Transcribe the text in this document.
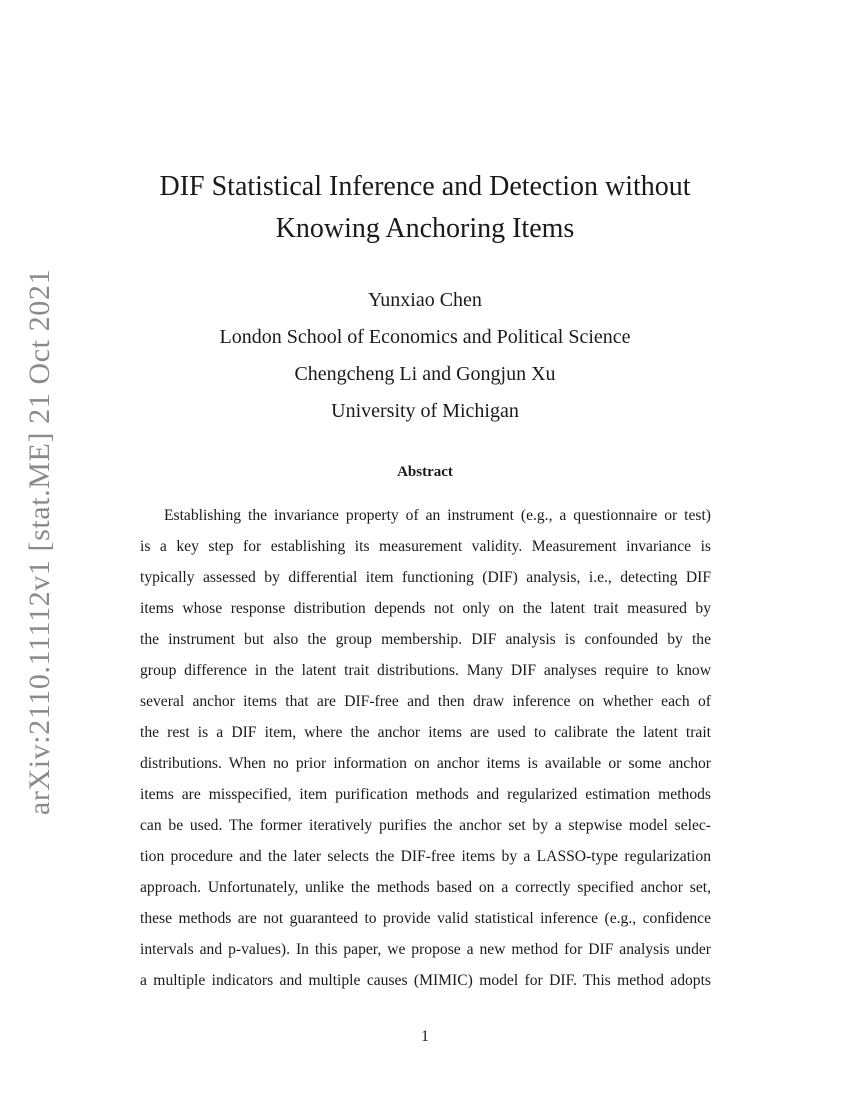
arXiv:2110.11112v1 [stat.ME] 21 Oct 2021
DIF Statistical Inference and Detection without
Knowing Anchoring Items
Yunxiao Chen
London School of Economics and Political Science
Chengcheng Li and Gongjun Xu
University of Michigan
Abstract
Establishing the invariance property of an instrument (e.g., a questionnaire or test)
is a key step for establishing its measurement validity. Measurement invariance is
typically assessed by differential item functioning (DIF) analysis, i.e., detecting DIF
items whose response distribution depends not only on the latent trait measured by
the instrument but also the group membership. DIF analysis is confounded by the
group difference in the latent trait distributions. Many DIF analyses require to know
several anchor items that are DIF-free and then draw inference on whether each of
the rest is a DIF item, where the anchor items are used to calibrate the latent trait
distributions. When no prior information on anchor items is available or some anchor
items are misspecified, item purification methods and regularized estimation methods
can be used. The former iteratively purifies the anchor set by a stepwise model selec-
tion procedure and the later selects the DIF-free items by a LASSO-type regularization
approach. Unfortunately, unlike the methods based on a correctly specified anchor set,
these methods are not guaranteed to provide valid statistical inference (e.g., confidence
intervals and p-values). In this paper, we propose a new method for DIF analysis under
a multiple indicators and multiple causes (MIMIC) model for DIF. This method adopts
1
